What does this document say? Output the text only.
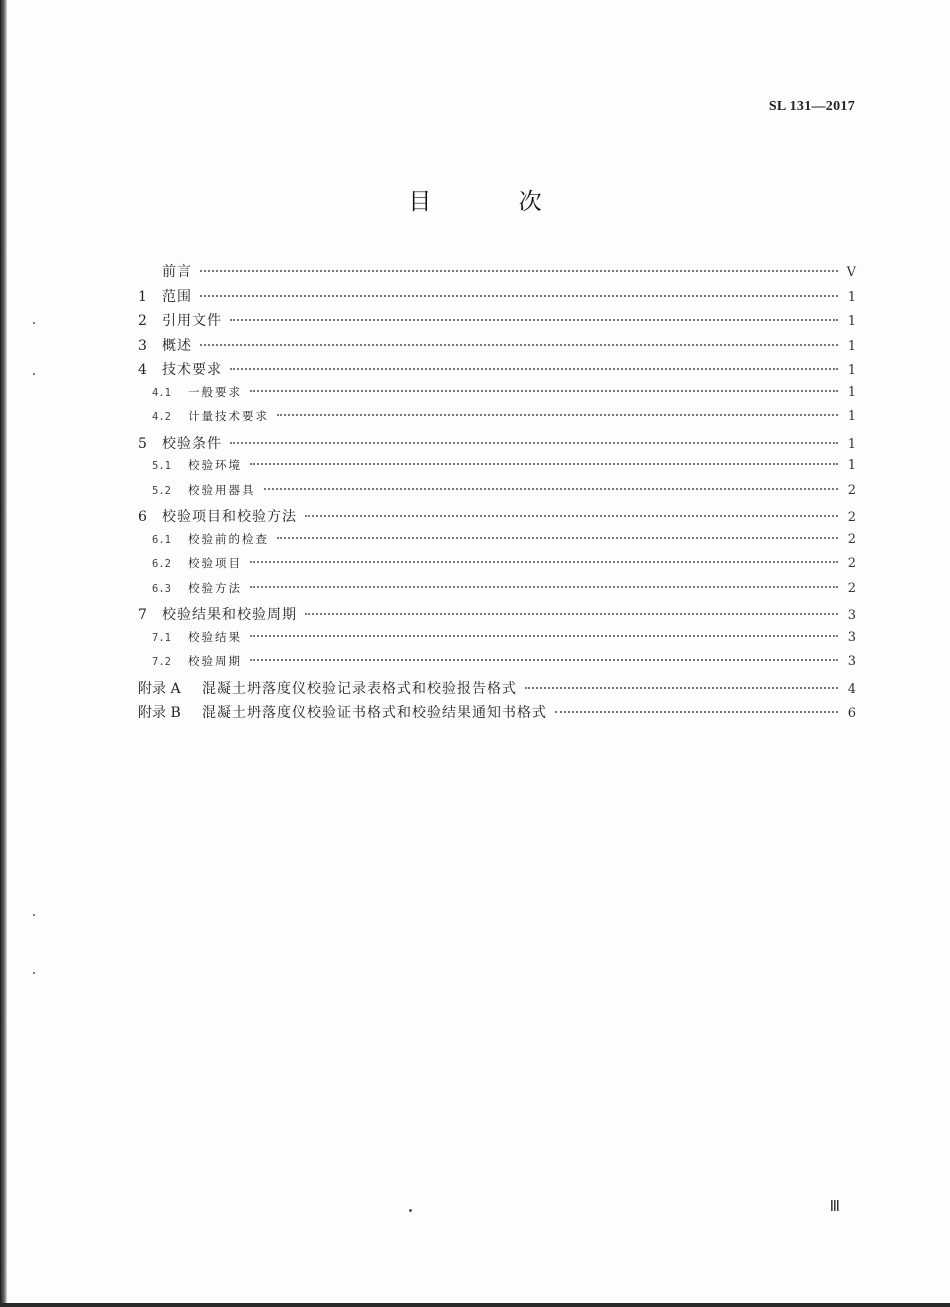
SL 131—2017
目 次
前言	V
1	范围	1
2	引用文件	1
3	概述	1
4	技术要求	1
4.1	一般要求	1
4.2	计量技术要求	1
5	校验条件	1
5.1	校验环境	1
5.2	校验用器具	2
6	校验项目和校验方法	2
6.1	校验前的检查	2
6.2	校验项目	2
6.3	校验方法	2
7	校验结果和校验周期	3
7.1	校验结果	3
7.2	校验周期	3
附录 A	混凝土坍落度仪校验记录表格式和校验报告格式	4
附录 B	混凝土坍落度仪校验证书格式和校验结果通知书格式	6
Ⅲ
